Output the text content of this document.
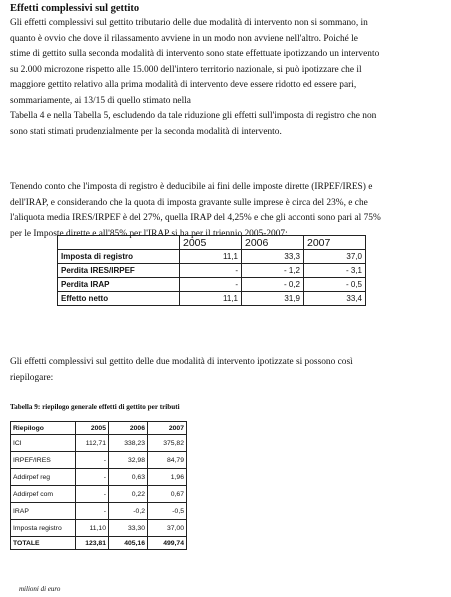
Effetti complessivi sul gettito
Gli effetti complessivi sul gettito tributario delle due modalità di intervento non si sommano, in
quanto è ovvio che dove il rilassamento avviene in un modo non avviene nell'altro. Poiché le
stime di gettito sulla seconda modalità di intervento sono state effettuate ipotizzando un intervento
su 2.000 microzone rispetto alle 15.000 dell'intero territorio nazionale, si può ipotizzare che il
maggiore gettito relativo alla prima modalità di intervento deve essere ridotto ed essere pari,
sommariamente, ai 13/15 di quello stimato nella
Tabella 4 e nella Tabella 5, escludendo da tale riduzione gli effetti sull'imposta di registro che non
sono stati stimati prudenzialmente per la seconda modalità di intervento.
Tenendo conto che l'imposta di registro è deducibile ai fini delle imposte dirette (IRPEF/IRES) e
dell'IRAP, e considerando che la quota di imposta gravante sulle imprese è circa del 23%, e che
l'aliquota media IRES/IRPEF è del 27%, quella IRAP del 4,25% e che gli acconti sono pari al 75%
per le Imposte dirette e all'85% per l'IRAP si ha per il triennio 2005-2007:
	2005	2006	2007
Imposta di registro	11,1	33,3	37,0
Perdita IRES/IRPEF	-	- 1,2	- 3,1
Perdita IRAP	-	- 0,2	- 0,5
Effetto netto	11,1	31,9	33,4
Gli effetti complessivi sul gettito delle due modalità di intervento ipotizzate si possono così
riepilogare:
Tabella 9: riepilogo generale effetti di gettito per tributi
Riepilogo	2005	2006	2007
ICI	112,71	338,23	375,82
IRPEF/IRES	-	32,98	84,79
Addirpef reg	-	0,63	1,96
Addirpef com	-	0,22	0,67
IRAP	-	-0,2	-0,5
Imposta registro	11,10	33,30	37,00
TOTALE	123,81	405,16	499,74
milioni di euro
